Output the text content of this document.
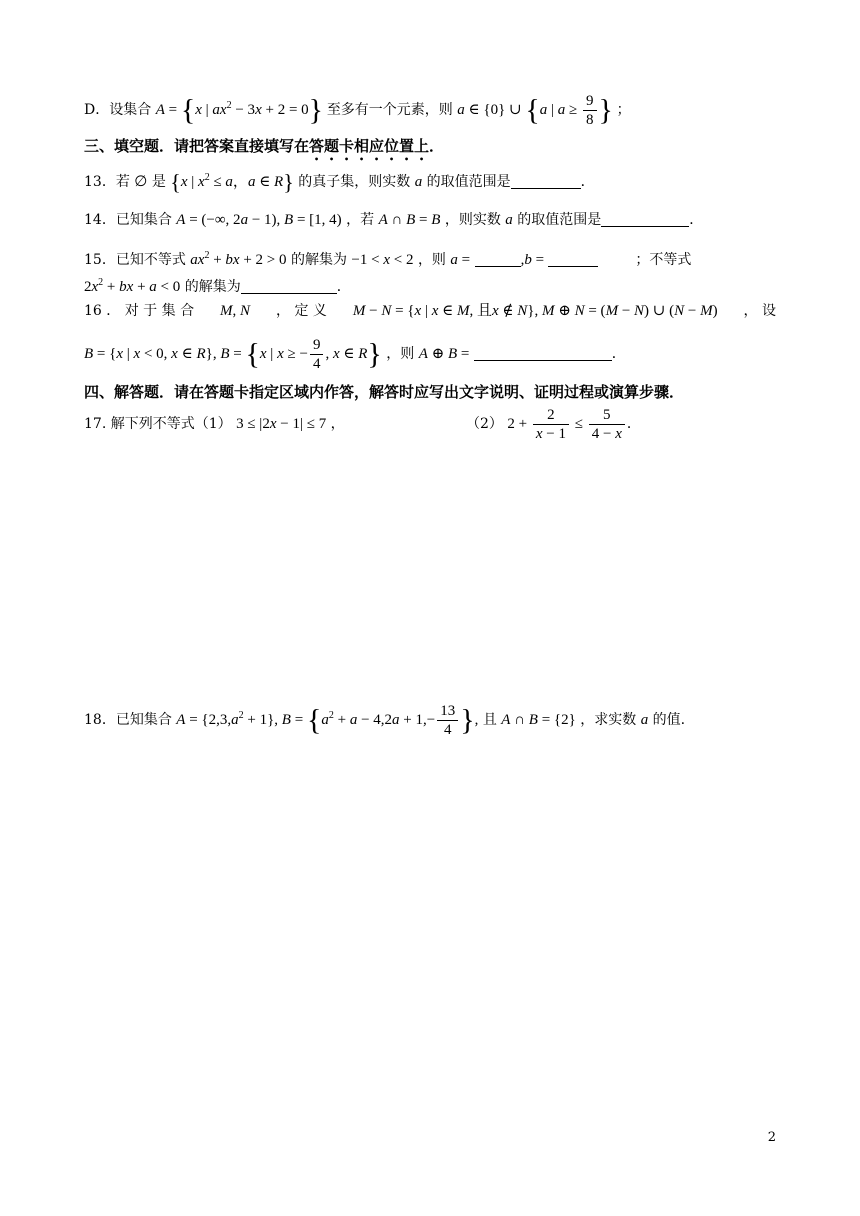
D．设集合 A = {x | $ax^2 - 3x + 2 = 0$} 至多有一个元素，则 a ∈ {0} ∪ {a | $a \ge \frac{9}{8}$ } ；
三、填空题．请把答案直接填写在答题卡相应位置上．
13．若 ∅ 是 {x | $x^2 \le a$，a ∈ R} 的真子集，则实数 a 的取值范围是	．
14．已知集合 A = (−∞, 2a − 1), B = [1, 4) ，若 A ∩ B = B ，则实数 a 的取值范围是	．
15．已知不等式 $ax^2$ + bx + 2 > 0 的解集为 −1 < x < 2 ，则 a =	,b =	；不等式
$2x^2$ + bx + a < 0 的解集为	．
16 ． 对 于 集 合 M, N ， 定 义 M − N = {x | x ∈ M, 且x ∉ N}, M ⊕ N = (M − N) ∪ (N − M) ， 设
B = {x | x < 0, x ∈ R}, B = {x | x ≥ − $\frac{9}{4}$ , x ∈ R} ，则 A ⊕ B =	．
四、解答题．请在答题卡指定区域内作答，解答时应写出文字说明、证明过程或演算步骤．
17. 解下列不等式（1） 3 ≤ |2x − 1| ≤ 7 ，	（2） $2 + \frac{2}{x - 1} \le \frac{5}{4 - x}$ ．
18．已知集合 $A = \{2,3,a^2 + 1\}$, $B = \{a^2 + a - 4,2a + 1,- \frac{13}{4}$ }, 且 A ∩ B = {2} ，求实数 a 的值.
2
